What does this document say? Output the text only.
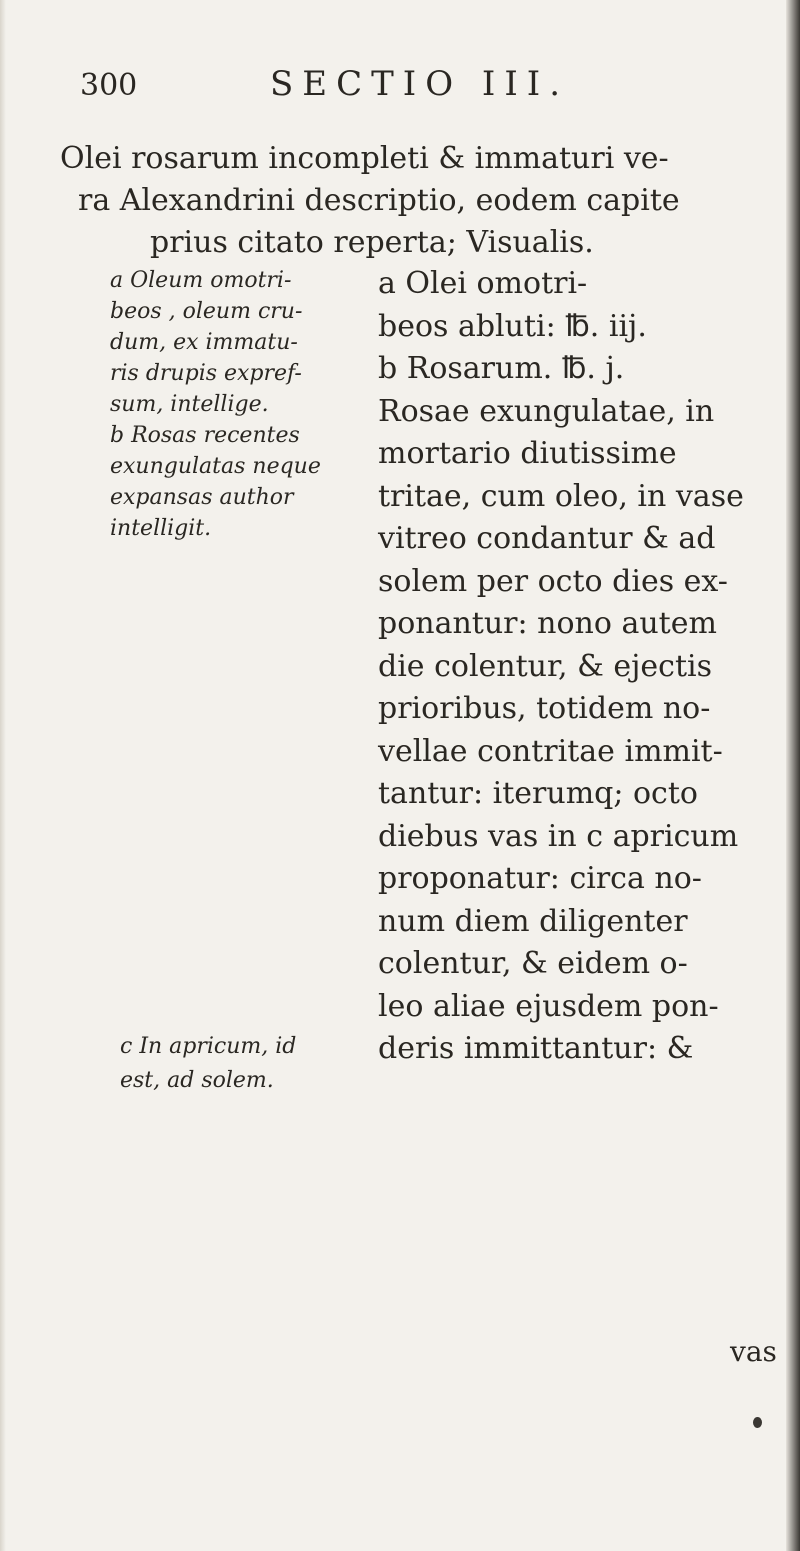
300	SECTIO III.
Olei rosarum incompleti & immaturi ve-
ra Alexandrini descriptio, eodem capite
prius citato reperta; Visualis.
a Oleum omotri-
beos , oleum cru-
dum, ex immatu-
ris drupis expref-
sum, intellige.
b Rosas recentes
exungulatas neque
expansas author
intelligit.
c In apricum, id
est, ad solem.
a Olei omotri-
beos abluti: ℔. iij.
b Rosarum. ℔. j.
Rosae exungulatae, in
mortario diutissime
tritae, cum oleo, in vase
vitreo condantur & ad
solem per octo dies ex-
ponantur: nono autem
die colentur, & ejectis
prioribus, totidem no-
vellae contritae immit-
tantur: iterumq; octo
diebus vas in c apricum
proponatur: circa no-
num diem diligenter
colentur, & eidem o-
leo aliae ejusdem pon-
deris immittantur: &
vas
